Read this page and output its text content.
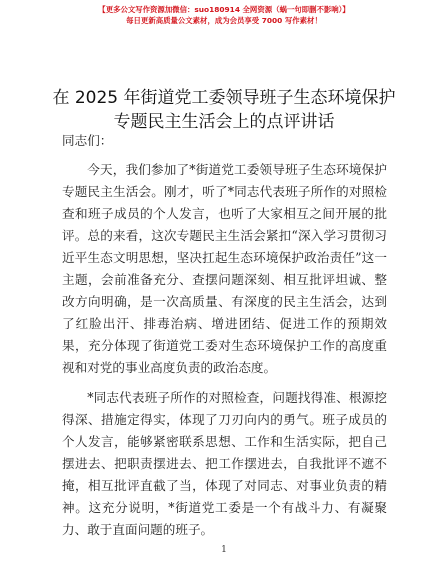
【更多公文写作资源加微信：suo180914 全网资源（蜗一句即删不影响）】
每日更新高质量公文素材，成为会员享受 7000 写作素材！
在 2025 年街道党工委领导班子生态环境保护专题民主生活会上的点评讲话

同志们：

今天，我们参加了*街道党工委领导班子生态环境保护专题民主生活会。刚才，听了*同志代表班子所作的对照检查和班子成员的个人发言，也听了大家相互之间开展的批评。总的来看，这次专题民主生活会紧扣“深入学习贯彻习近平生态文明思想，坚决扛起生态环境保护政治责任”这一主题，会前准备充分、查摆问题深刻、相互批评坦诚、整改方向明确，是一次高质量、有深度的民主生活会，达到了红脸出汗、排毒治病、增进团结、促进工作的预期效果，充分体现了街道党工委对生态环境保护工作的高度重视和对党的事业高度负责的政治态度。

*同志代表班子所作的对照检查，问题找得准、根源挖得深、措施定得实，体现了刀刃向内的勇气。班子成员的个人发言，能够紧密联系思想、工作和生活实际，把自己摆进去、把职责摆进去、把工作摆进去，自我批评不遮不掩，相互批评直截了当，体现了对同志、对事业负责的精神。这充分说明，*街道党工委是一个有战斗力、有凝聚力、敢于直面问题的班子。

1
